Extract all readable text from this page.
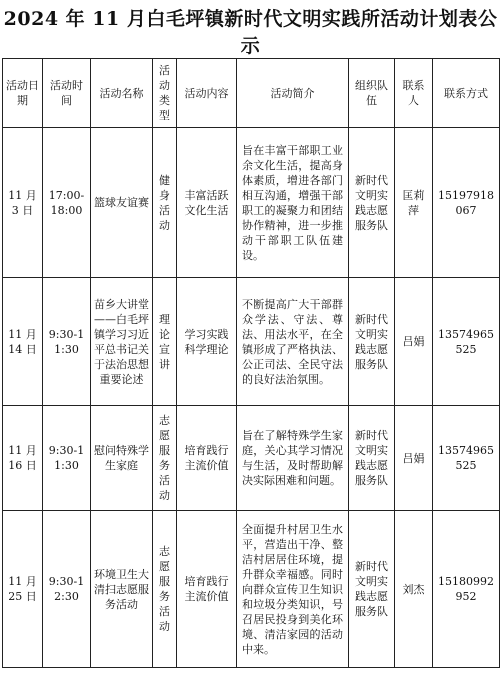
2024 年 11 月白毛坪镇新时代文明实践所活动计划表公示
活动日期	活动时间	活动名称	活动类型	活动内容	活动简介	组织队伍	联系人	联系方式
11 月 3 日	17:00-18:00	篮球友谊赛	健身活动	丰富活跃文化生活	旨在丰富干部职工业余文化生活，提高身体素质，增进各部门相互沟通，增强干部职工的凝聚力和团结协作精神，进一步推动干部职工队伍建设。	新时代文明实践志愿服务队	匡莉萍	15197918067
11 月 14 日	9:30-11:30	苗乡大讲堂——白毛坪镇学习习近平总书记关于法治思想重要论述	理论宣讲	学习实践科学理论	不断提高广大干部群众学法、守法、尊法、用法水平，在全镇形成了严格执法、公正司法、全民守法的良好法治氛围。	新时代文明实践志愿服务队	吕娟	13574965525
11 月 16 日	9:30-11:30	慰问特殊学生家庭	志愿服务活动	培育践行主流价值	旨在了解特殊学生家庭，关心其学习情况与生活，及时帮助解决实际困难和问题。	新时代文明实践志愿服务队	吕娟	13574965525
11 月 25 日	9:30-12:30	环境卫生大清扫志愿服务活动	志愿服务活动	培育践行主流价值	全面提升村居卫生水平，营造出干净、整洁村居居住环境，提升群众幸福感。同时向群众宣传卫生知识和垃圾分类知识，号召居民投身到美化环境、清洁家园的活动中来。	新时代文明实践志愿服务队	刘杰	15180992952
